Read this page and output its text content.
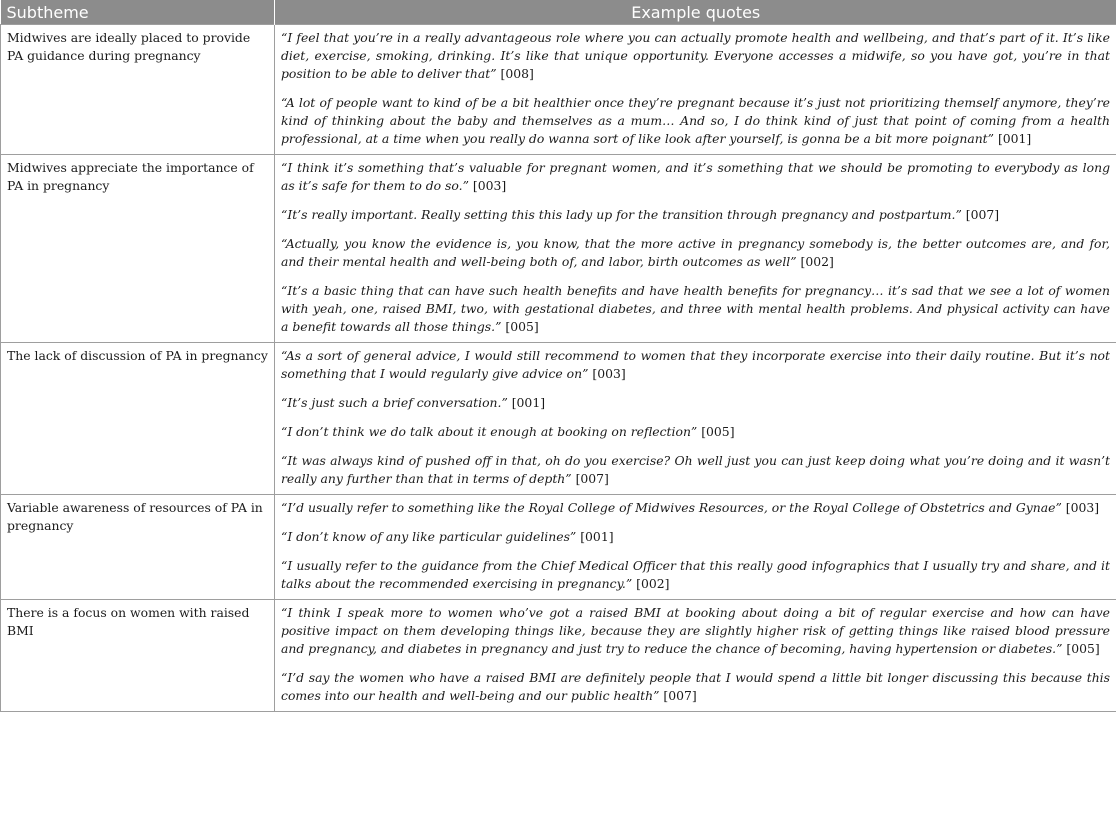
Subtheme	Example quotes
Midwives are ideally placed to provide PA guidance during pregnancy	“I feel that you’re in a really advantageous role where you can actually promote health and wellbeing, and that’s part of it. It’s like diet, exercise, smoking, drinking. It’s like that unique opportunity. Everyone accesses a midwife, so you have got, you’re in that position to be able to deliver that” [008]

“A lot of people want to kind of be a bit healthier once they’re pregnant because it’s just not prioritizing themself anymore, they’re kind of thinking about the baby and themselves as a mum… And so, I do think kind of just that point of coming from a health professional, at a time when you really do wanna sort of like look after yourself, is gonna be a bit more poignant” [001]

Midwives appreciate the importance of PA in pregnancy	“I think it’s something that’s valuable for pregnant women, and it’s something that we should be promoting to everybody as long as it’s safe for them to do so.” [003]

“It’s really important. Really setting this this lady up for the transition through pregnancy and postpartum.” [007]

“Actually, you know the evidence is, you know, that the more active in pregnancy somebody is, the better outcomes are, and for, and their mental health and well-being both of, and labor, birth outcomes as well” [002]

“It’s a basic thing that can have such health benefits and have health benefits for pregnancy… it’s sad that we see a lot of women with yeah, one, raised BMI, two, with gestational diabetes, and three with mental health problems. And physical activity can have a benefit towards all those things.” [005]

The lack of discussion of PA in pregnancy	“As a sort of general advice, I would still recommend to women that they incorporate exercise into their daily routine. But it’s not something that I would regularly give advice on” [003]

“It’s just such a brief conversation.” [001]

“I don’t think we do talk about it enough at booking on reflection” [005]

“It was always kind of pushed off in that, oh do you exercise? Oh well just you can just keep doing what you’re doing and it wasn’t really any further than that in terms of depth” [007]

Variable awareness of resources of PA in pregnancy	“I’d usually refer to something like the Royal College of Midwives Resources, or the Royal College of Obstetrics and Gynae” [003]

“I don’t know of any like particular guidelines” [001]

“I usually refer to the guidance from the Chief Medical Officer that this really good infographics that I usually try and share, and it talks about the recommended exercising in pregnancy.” [002]

There is a focus on women with raised BMI	“I think I speak more to women who’ve got a raised BMI at booking about doing a bit of regular exercise and how can have positive impact on them developing things like, because they are slightly higher risk of getting things like raised blood pressure and pregnancy, and diabetes in pregnancy and just try to reduce the chance of becoming, having hypertension or diabetes.” [005]

“I’d say the women who have a raised BMI are definitely people that I would spend a little bit longer discussing this because this comes into our health and well-being and our public health” [007]
